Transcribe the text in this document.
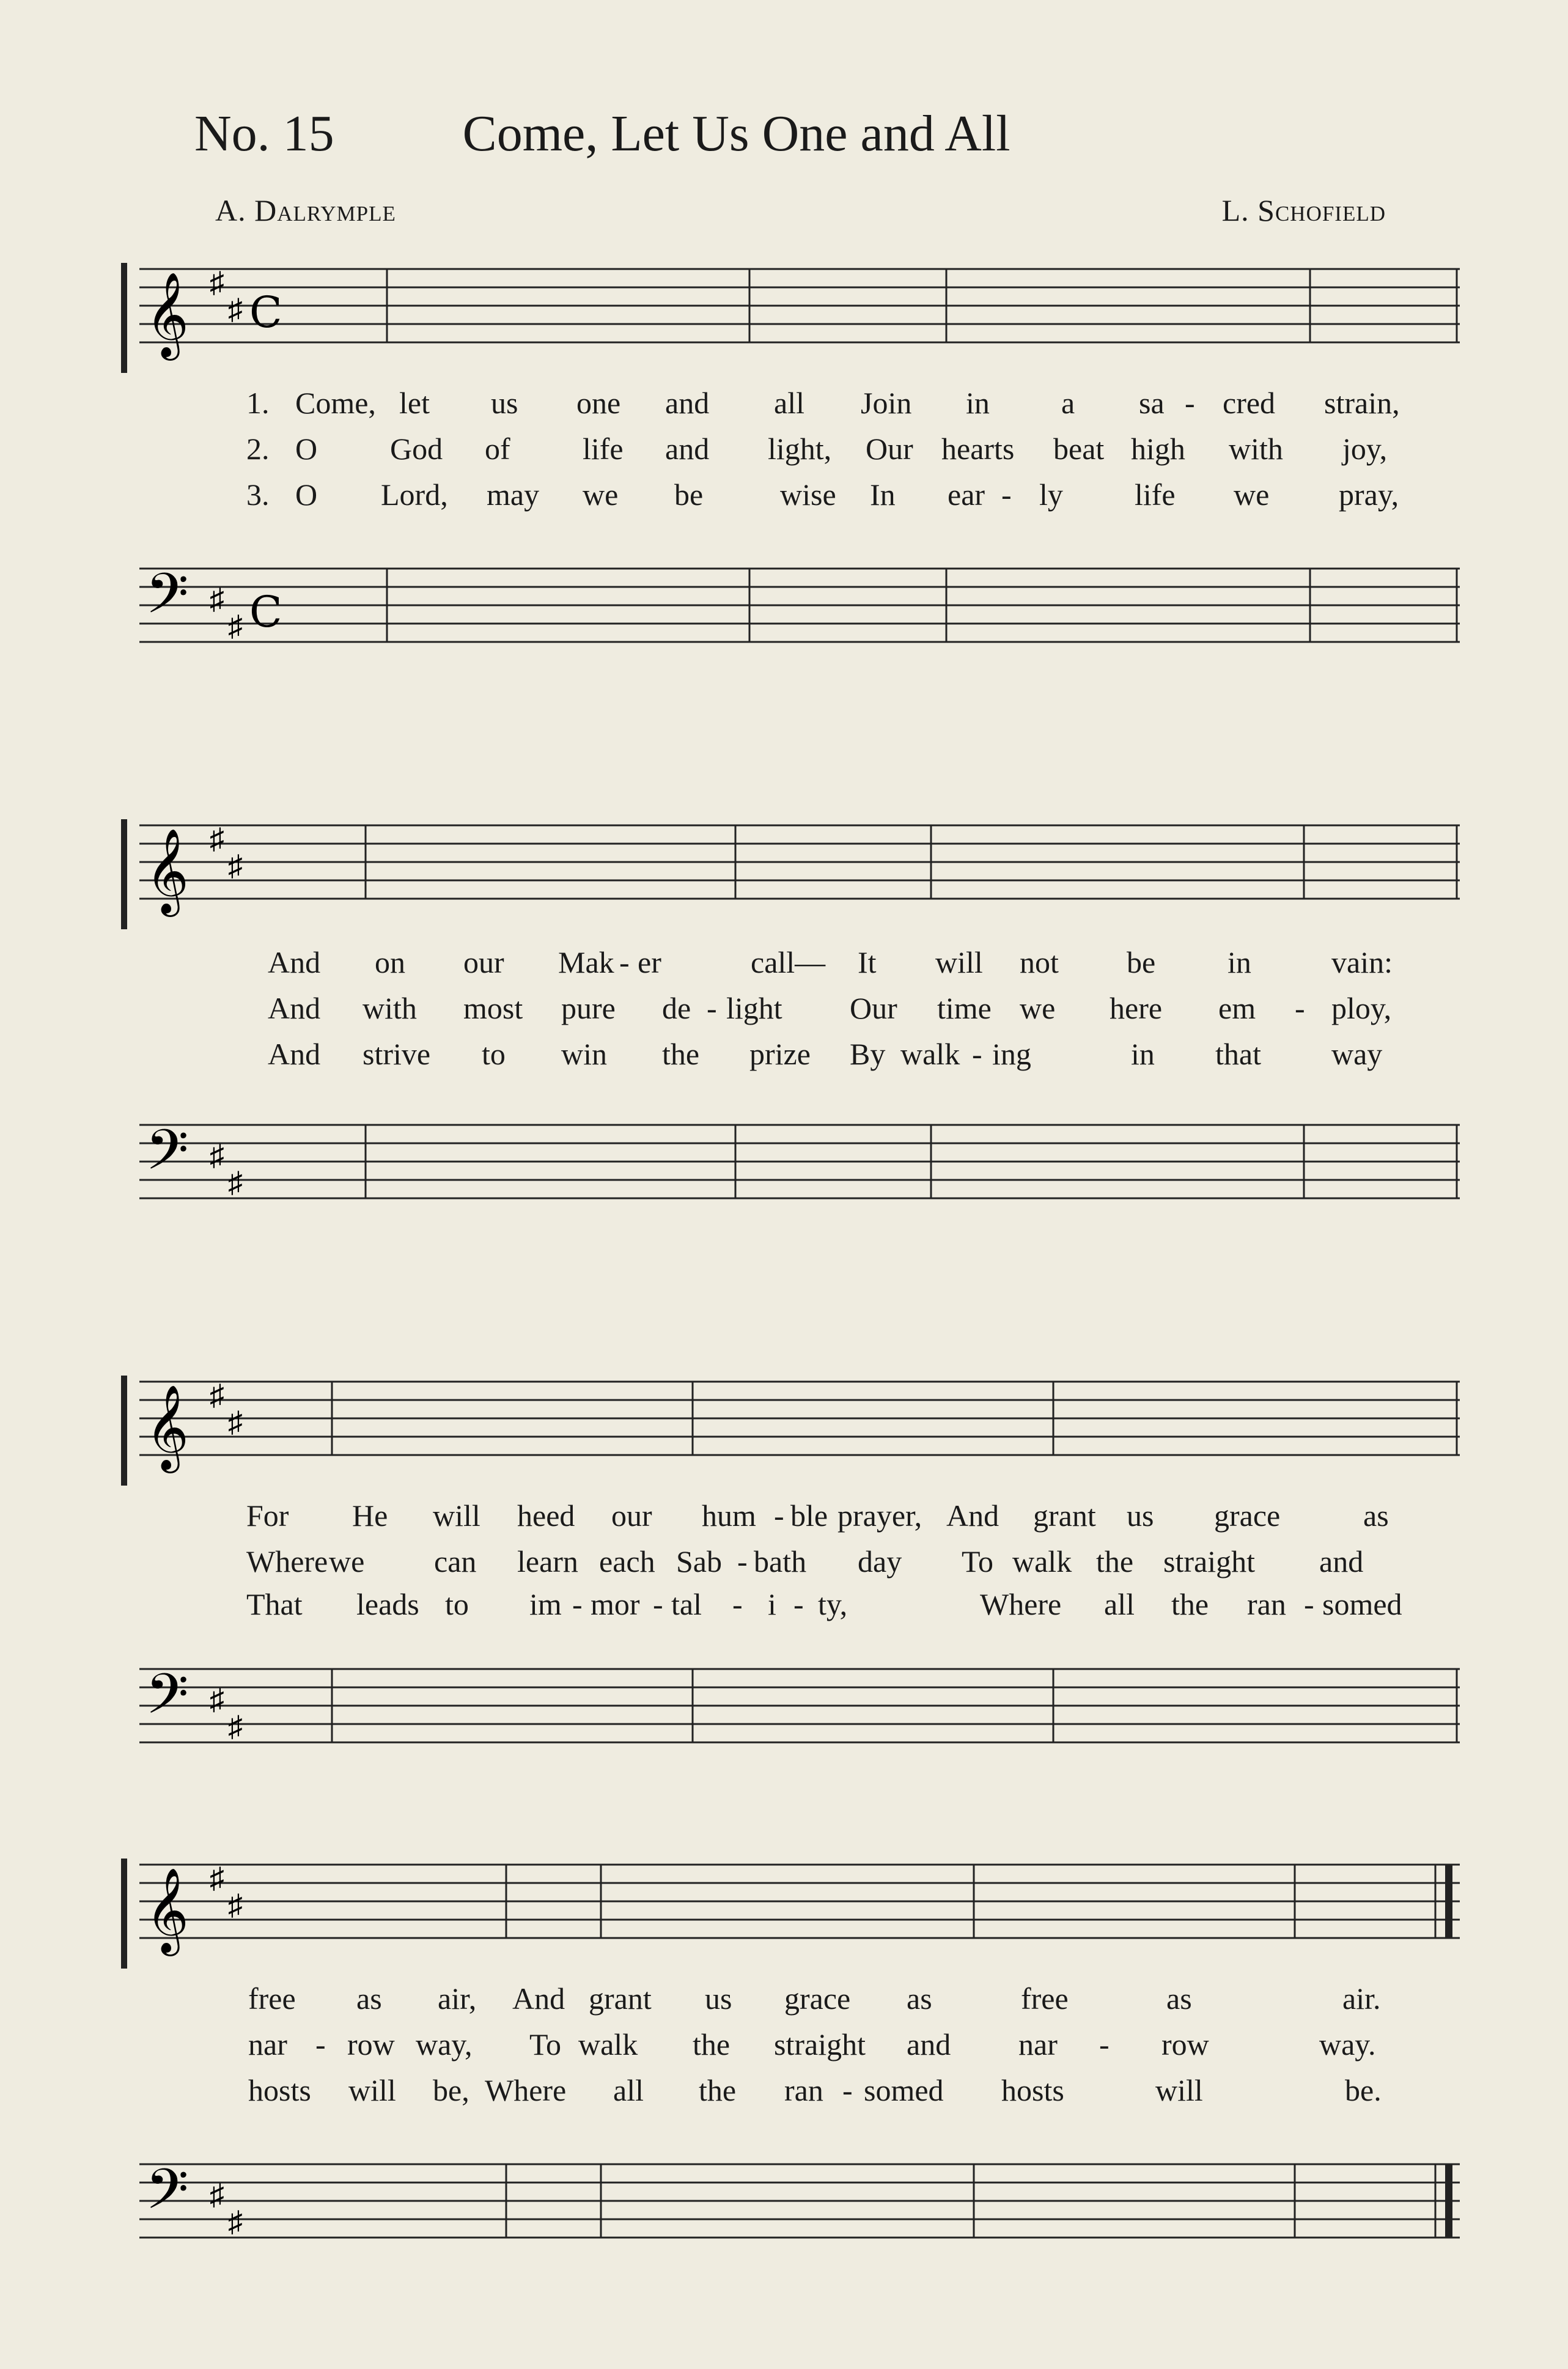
No. 15	Come, Let Us One and All
A. Dalrymple	L. Schofield
𝄞 ♯
♯ C
1. Come, let us one and all Join in a sa - cred strain,
2. O God of life and light, Our hearts beat high with joy,
3. O Lord, may we be	wise In ear - ly life we pray,
𝄢 ♯
♯ C
𝄞 ♯
♯
And on our Mak - er	call— It will not be in	vain:
And with most pure de - light Our time we here em - ploy,
And strive to win the prize By walk - ing	in that way
𝄢 ♯
♯
𝄞 ♯
♯
For He will heed our hum - ble prayer, And grant us grace	as
Where we can learn each Sab - bath day To walk the straight and
That leads to im - mor - tal - i - ty,	Where all the ran - somed
𝄢 ♯
♯
𝄞 ♯
♯
free as air, And grant us grace as	free	as	air.
nar - row way, To walk the straight and nar - row	way.
hosts will be, Where all the ran - somed hosts	will	be.
𝄢 ♯
♯
